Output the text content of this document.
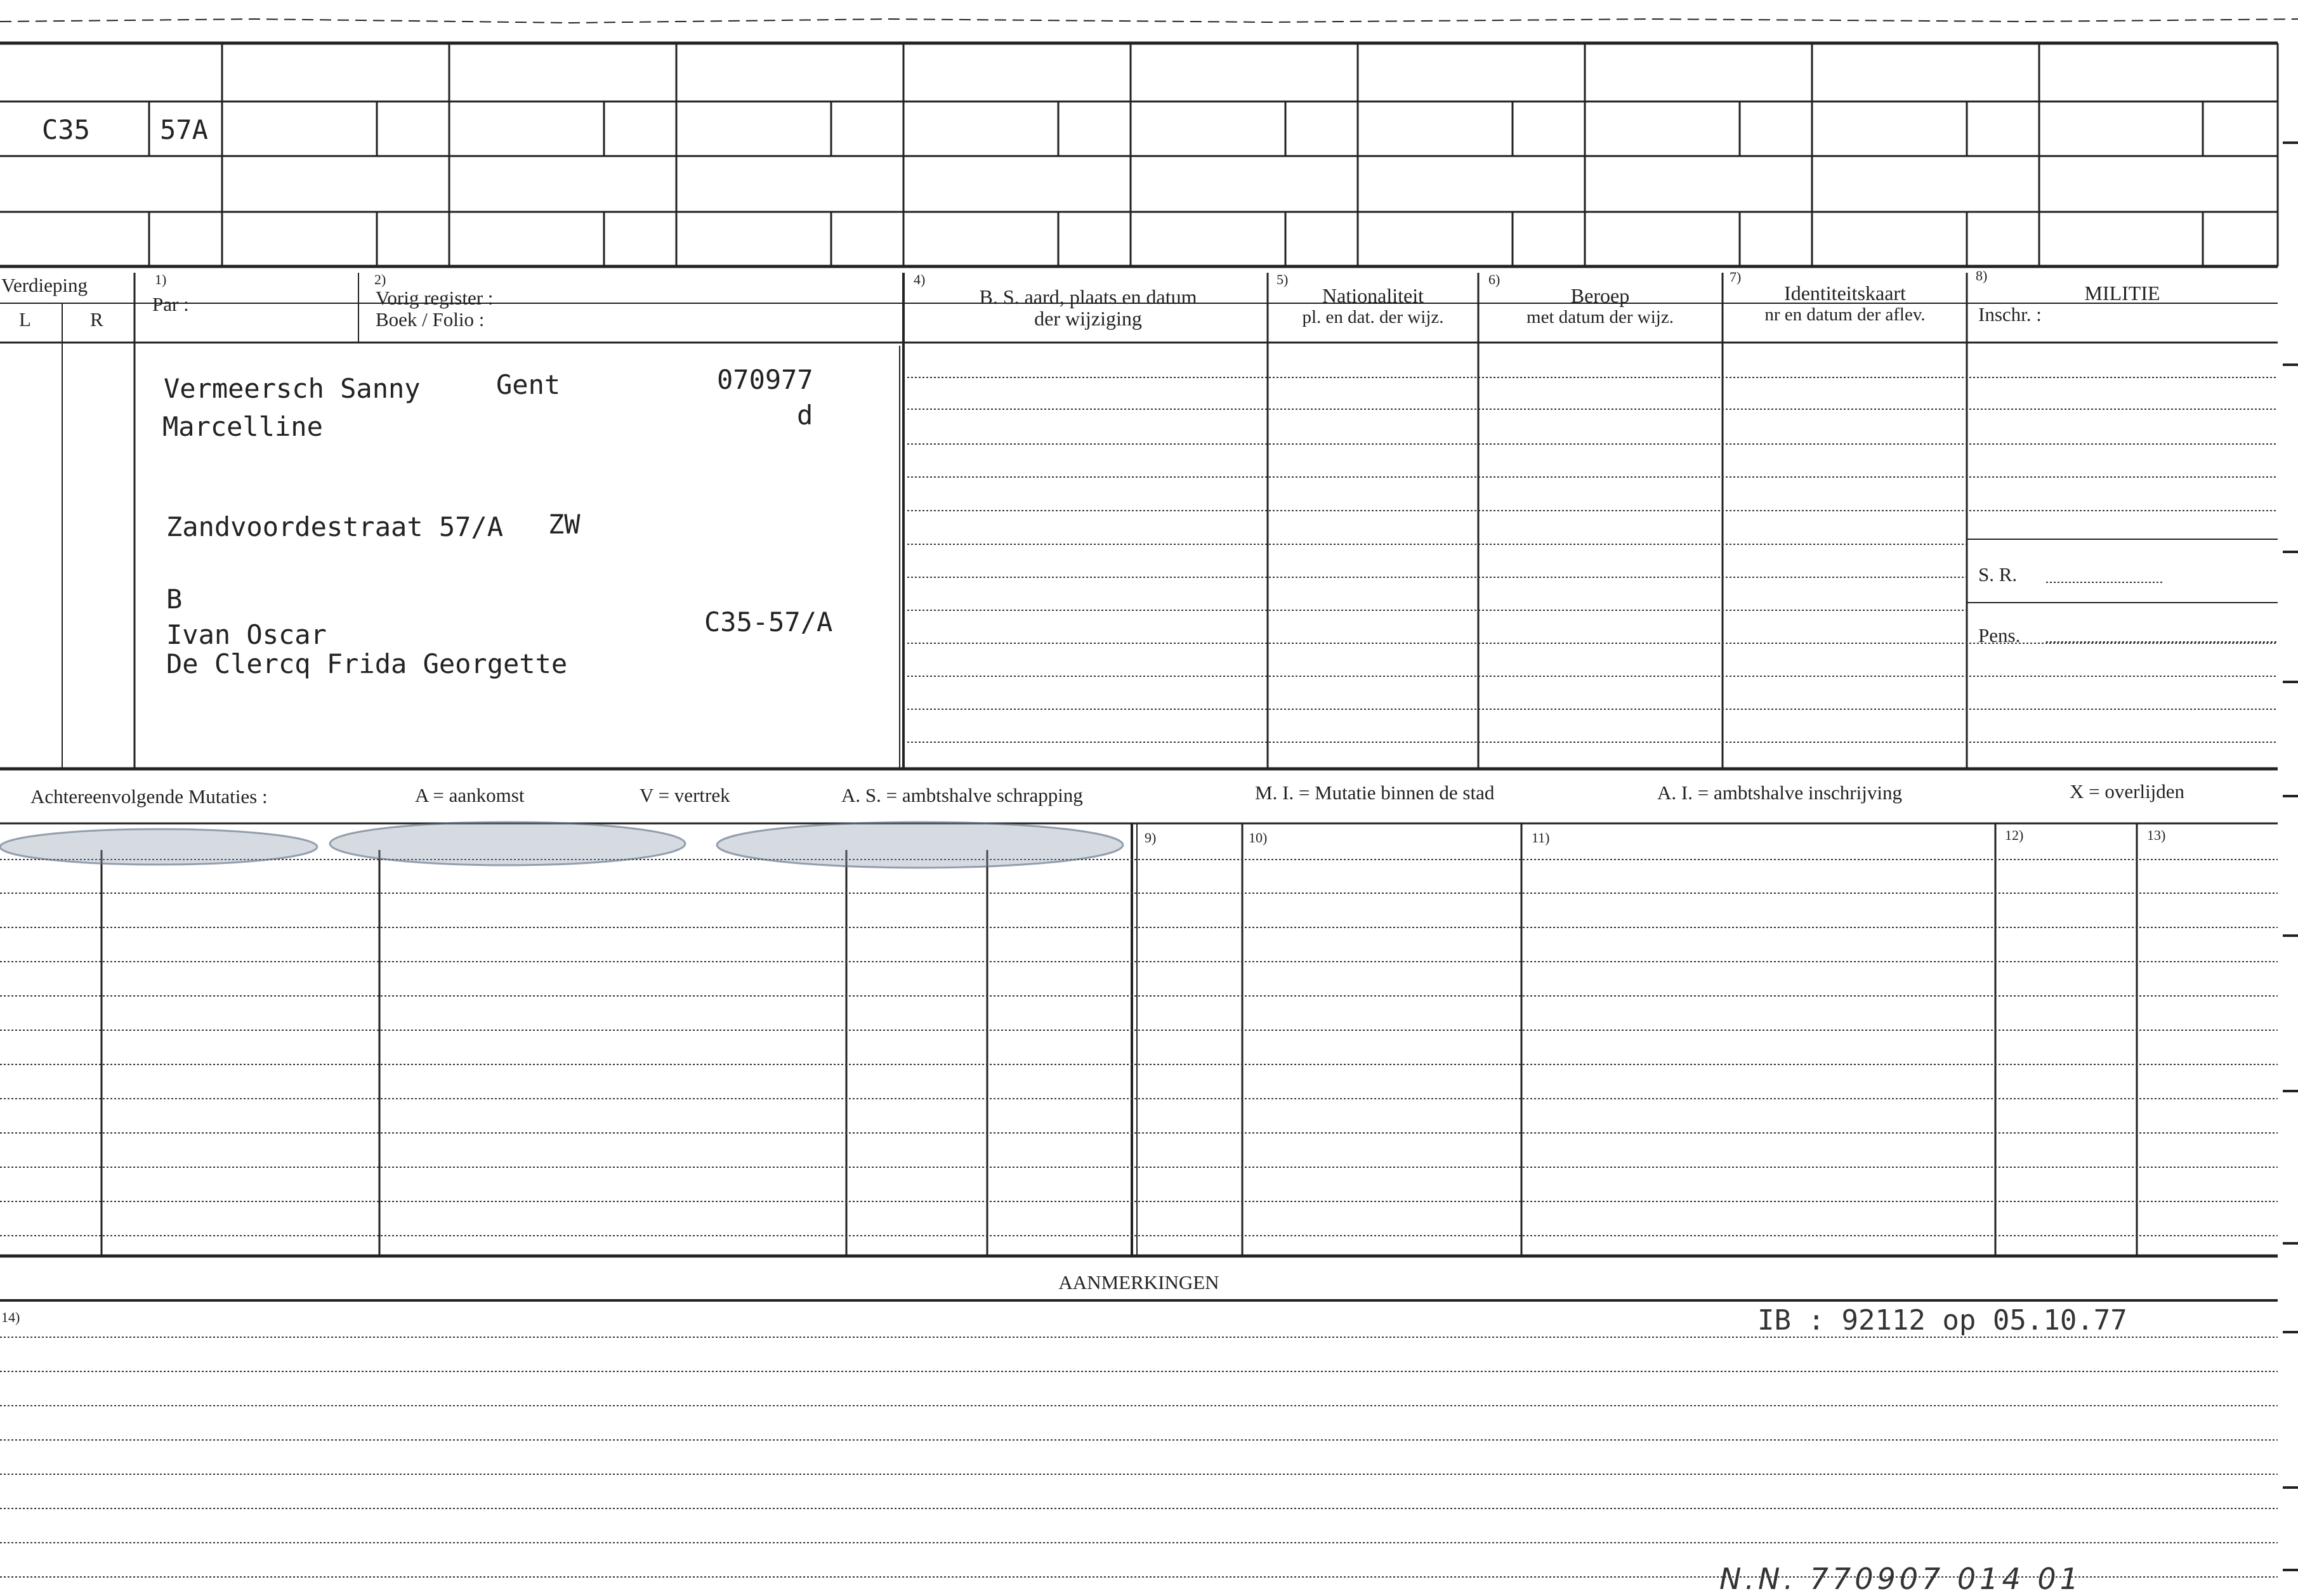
C35	57A
Verdieping
L	R
1)
Par :
2)
Vorig register :
Boek / Folio :
4)
B. S. aard, plaats en datum
der wijziging
5)
Nationaliteit
pl. en dat. der wijz.
6)
Beroep
met datum der wijz.
7)
Identiteitskaart
nr en datum der aflev.
8)
MILITIE
Inschr. :
S. R.
Pens.
Vermeersch Sanny	Gent	070977
Marcelline	d
Zandvoordestraat 57/A ZW
B
Ivan Oscar	C35-57/A
De Clercq Frida Georgette
Achtereenvolgende Mutaties :	A = aankomst	V = vertrek	A. S. = ambtshalve schrapping	M. I. = Mutatie binnen de stad	A. I. = ambtshalve inschrijving	X = overlijden
9)	10)	11)	12)	13)
AANMERKINGEN
14)	IB : 92112 op 05.10.77
N.N. 770907 014 01
